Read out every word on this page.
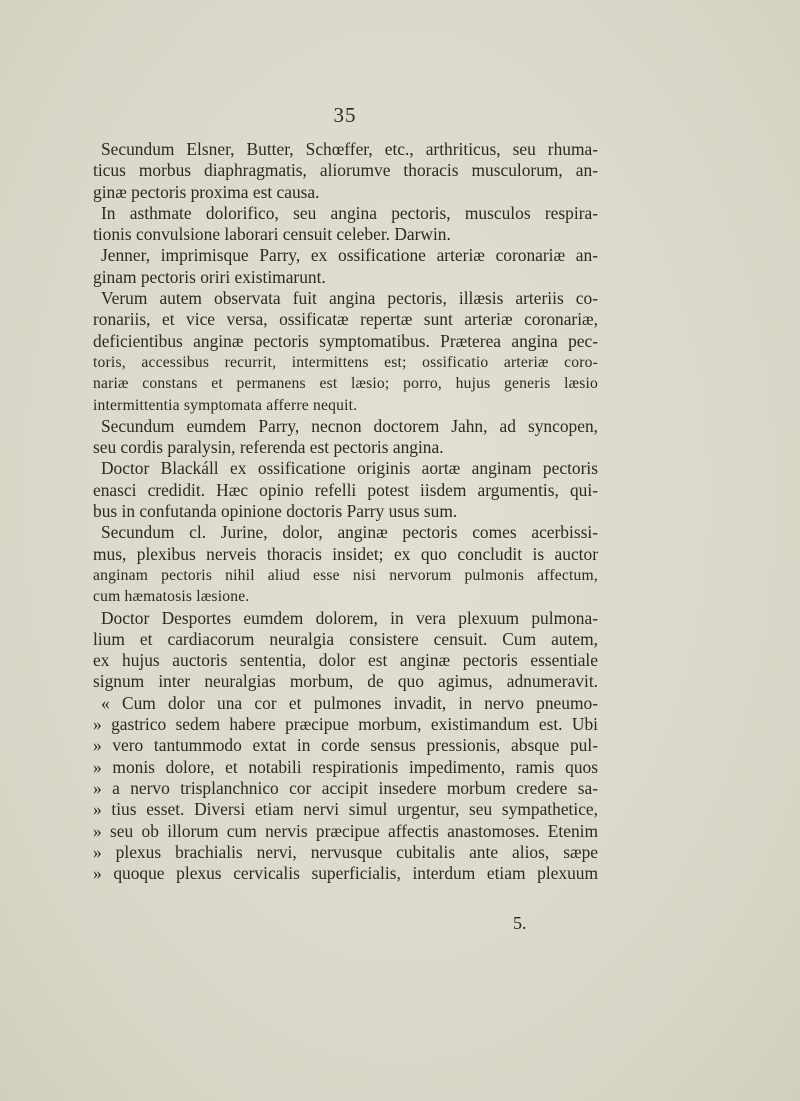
35
Secundum Elsner, Butter, Schœffer, etc., arthriticus, seu rhuma-
ticus morbus diaphragmatis, aliorumve thoracis musculorum, an-
ginæ pectoris proxima est causa.
In asthmate dolorifico, seu angina pectoris, musculos respira-
tionis convulsione laborari censuit celeber. Darwin.
Jenner, imprimisque Parry, ex ossificatione arteriæ coronariæ an-
ginam pectoris oriri existimarunt.
Verum autem observata fuit angina pectoris, illæsis arteriis co-
ronariis, et vice versa, ossificatæ repertæ sunt arteriæ coronariæ,
deficientibus anginæ pectoris symptomatibus. Præterea angina pec-
toris, accessibus recurrit, intermittens est; ossificatio arteriæ coro-
nariæ constans et permanens est læsio; porro, hujus generis læsio
intermittentia symptomata afferre nequit.
Secundum eumdem Parry, necnon doctorem Jahn, ad syncopen,
seu cordis paralysin, referenda est pectoris angina.
Doctor Blackáll ex ossificatione originis aortæ anginam pectoris
enasci credidit. Hæc opinio refelli potest iisdem argumentis, qui-
bus in confutanda opinione doctoris Parry usus sum.
Secundum cl. Jurine, dolor, anginæ pectoris comes acerbissi-
mus, plexibus nerveis thoracis insidet; ex quo concludit is auctor
anginam pectoris nihil aliud esse nisi nervorum pulmonis affectum,
cum hæmatosis læsione.
Doctor Desportes eumdem dolorem, in vera plexuum pulmona-
lium et cardiacorum neuralgia consistere censuit. Cum autem,
ex hujus auctoris sententia, dolor est anginæ pectoris essentiale
signum inter neuralgias morbum, de quo agimus, adnumeravit.
« Cum dolor una cor et pulmones invadit, in nervo pneumo-
» gastrico sedem habere præcipue morbum, existimandum est. Ubi
» vero tantummodo extat in corde sensus pressionis, absque pul-
» monis dolore, et notabili respirationis impedimento, ramis quos
» a nervo trisplanchnico cor accipit insedere morbum credere sa-
» tius esset. Diversi etiam nervi simul urgentur, seu sympathetice,
» seu ob illorum cum nervis præcipue affectis anastomoses. Etenim
» plexus brachialis nervi, nervusque cubitalis ante alios, sæpe
» quoque plexus cervicalis superficialis, interdum etiam plexuum
5.
